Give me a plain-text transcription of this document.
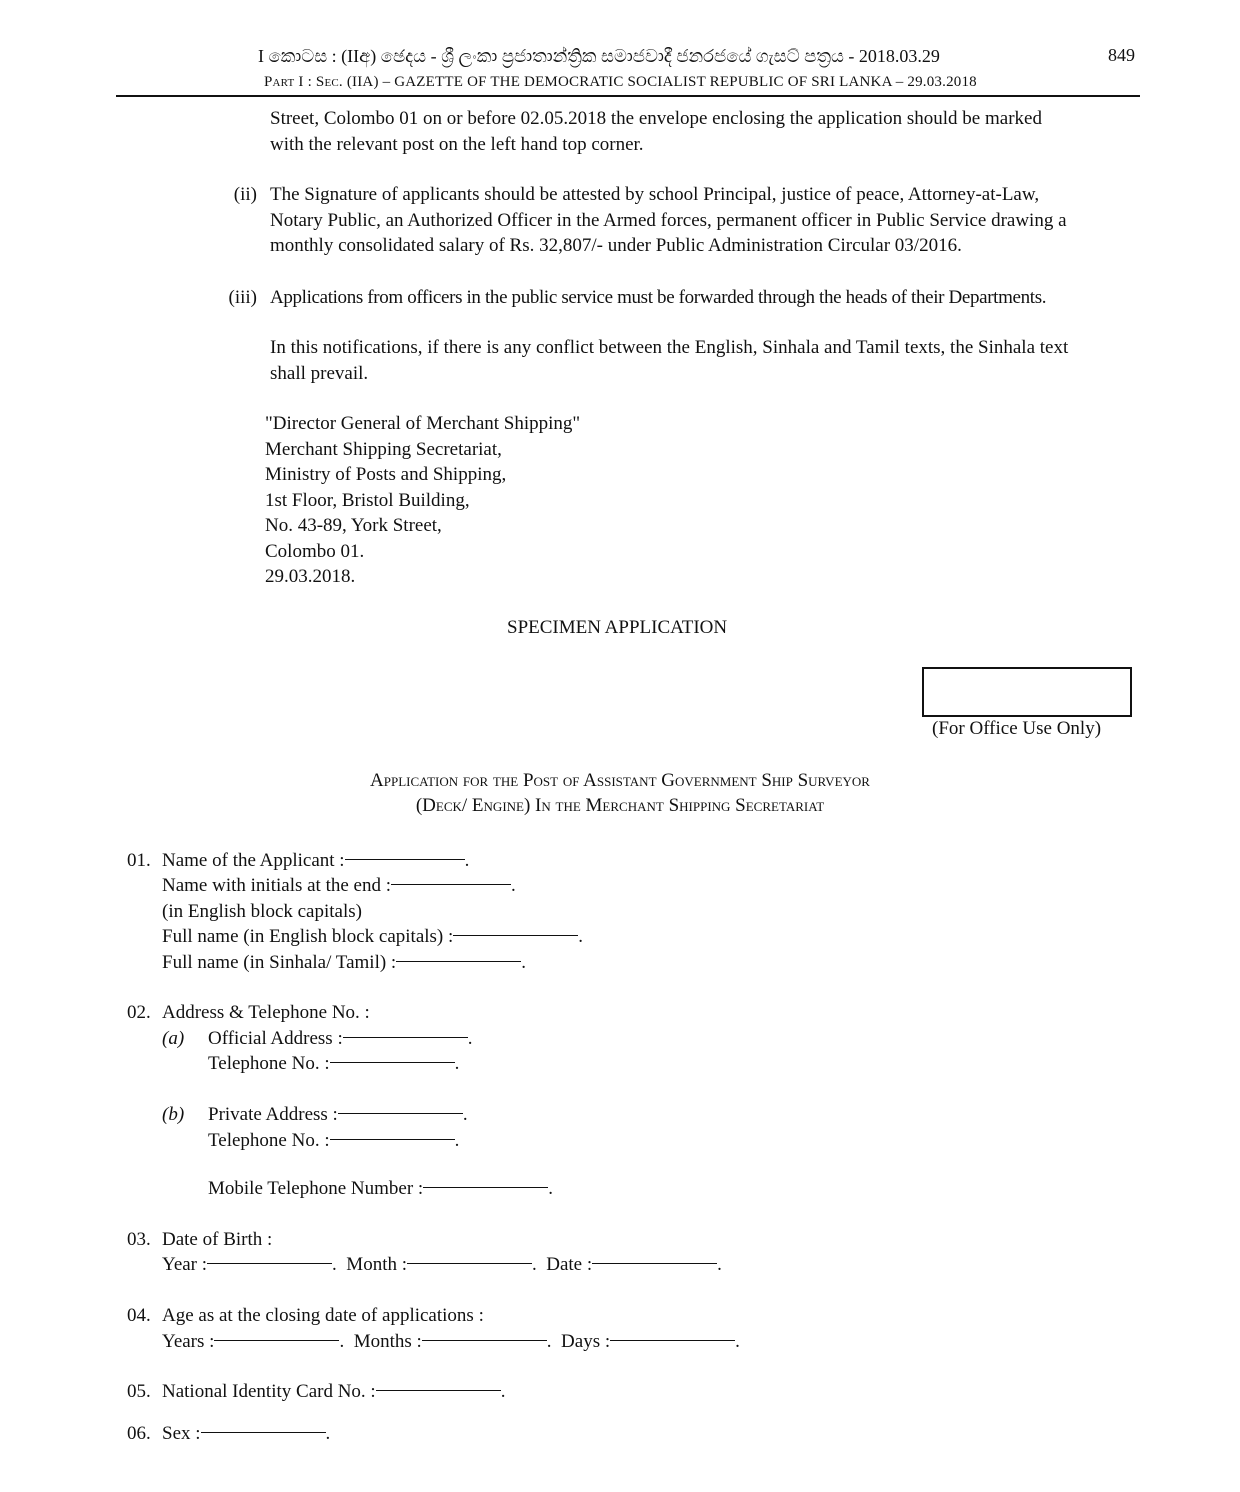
I කොටස : (IIඅ) ඡෙදය - ශ්‍රී ලංකා ප්‍රජාතාන්ත්‍රික සමාජවාදී ජනරජයේ ගැසට් පත්‍රය - 2018.03.29
Part I : Sec. (IIA) – GAZETTE OF THE DEMOCRATIC SOCIALIST REPUBLIC OF SRI LANKA – 29.03.2018
849
Street, Colombo 01 on or before 02.05.2018 the envelope enclosing the application should be marked
with the relevant post on the left hand top corner.
(ii) The Signature of applicants should be attested by school Principal, justice of peace, Attorney-at-Law,
Notary Public, an Authorized Officer in the Armed forces, permanent officer in Public Service drawing a
monthly consolidated salary of Rs. 32,807/- under Public Administration Circular 03/2016.
(iii) Applications from officers in the public service must be forwarded through the heads of their Departments.
In this notifications, if there is any conflict between the English, Sinhala and Tamil texts, the Sinhala text
shall prevail.
"Director General of Merchant Shipping"
Merchant Shipping Secretariat,
Ministry of Posts and Shipping,
1st Floor, Bristol Building,
No. 43-89, York Street,
Colombo 01.
29.03.2018.
SPECIMEN APPLICATION
(For Office Use Only)
Application for the Post of Assistant Government Ship Surveyor
(Deck/ Engine) In the Merchant Shipping Secretariat
01. Name of the Applicant :	.
Name with initials at the end :	.
(in English block capitals)
Full name (in English block capitals) :	.
Full name (in Sinhala/ Tamil) :	.
02. Address & Telephone No. :
(a) Official Address :	.
Telephone No. :	.
(b) Private Address :	.
Telephone No. :	.
Mobile Telephone Number :	.
03. Date of Birth :
Year :	.  Month :	.  Date :	.
04. Age as at the closing date of applications :
Years :	.  Months :	.  Days :	.
05. National Identity Card No. :	.
06. Sex :	.
